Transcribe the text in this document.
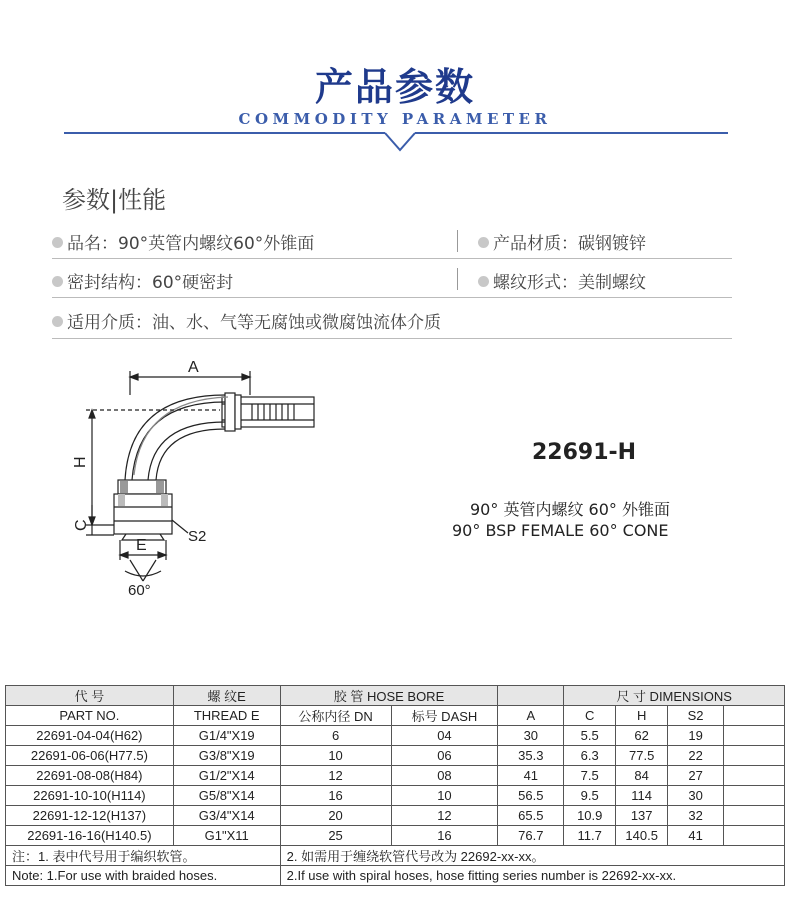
产品参数
COMMODITY PARAMETER
参数|性能
品名：90°英管内螺纹60°外锥面	产品材质：碳钢镀锌
密封结构：60°硬密封	螺纹形式：美制螺纹
适用介质：油、水、气等无腐蚀或微腐蚀流体介质
A
H
C
E
S2
60°
22691-H
90° 英管内螺纹 60° 外锥面
90° BSP FEMALE 60° CONE
代 号	螺 纹E	胶 管 HOSE BORE			尺 寸 DIMENSIONS			
PART NO.	THREAD E	公称内径 DN	标号 DASH	A	C	H	S2	
22691-04-04(H62)	G1/4"X19	6	04	30	5.5	62	19	
22691-06-06(H77.5)	G3/8"X19	10	06	35.3	6.3	77.5	22	
22691-08-08(H84)	G1/2"X14	12	08	41	7.5	84	27	
22691-10-10(H114)	G5/8"X14	16	10	56.5	9.5	114	30	
22691-12-12(H137)	G3/4"X14	20	12	65.5	10.9	137	32	
22691-16-16(H140.5)	G1"X11	25	16	76.7	11.7	140.5	41	
注：1. 表中代号用于编织软管。		2. 如需用于缠绕软管代号改为 22692-xx-xx。						
Note: 1.For use with braided hoses.		2.If use with spiral hoses, hose fitting series number is 22692-xx-xx.						
